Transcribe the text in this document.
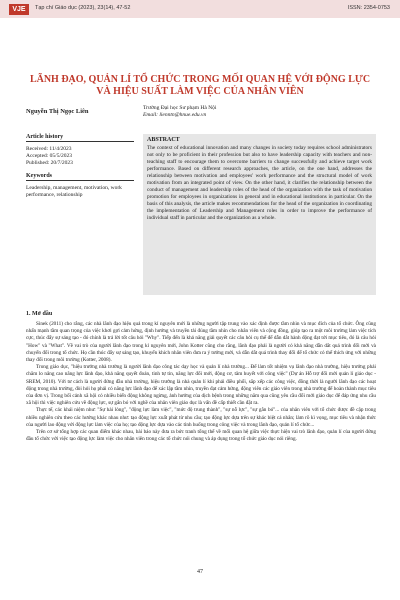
VJE	Tạp chí Giáo dục (2023), 23(14), 47-52	ISSN: 2354-0753
LÃNH ĐẠO, QUẢN LÍ TỔ CHỨC TRONG MỐI QUAN HỆ VỚI ĐỘNG LỰC
VÀ HIỆU SUẤT LÀM VIỆC CỦA NHÂN VIÊN
Nguyễn Thị Ngọc Liên	Trường Đại học Sư phạm Hà Nội
Email: lienntn@hnue.edu.vn
Article history
Received: 11/4/2023
Accepted: 05/5/2023
Published: 20/7/2023
Keywords
Leadership, management, motivation, work performance, relationship
ABSTRACT
The context of educational innovation and many changes in society today requires school administrators not only to be proficient in their profession but also to have leadership capacity with teachers and non-teaching staff to encourage them to overcome barriers to change successfully and achieve target work performance. Based on different research approaches, the article, on the one hand, addresses the relationship between motivation and employees' work performance and the structural model of work motivation from an integrated point of view. On the other hand, it clarifies the relationship between the conduct of management and leadership roles of the head of the organization with the task of motivation promotion for employees in organizations in general and in educational institutions in particular. On the basis of this analysis, the article makes recommendations for the head of the organization in coordinating the implementation of Leadership and Management roles in order to improve the performance of individual staff in particular and the organization as a whole.
1. Mở đầu

Sinek (2011) cho rằng, các nhà lãnh đạo hiệu quả trong kỉ nguyên mới là những người tập trung vào xác định được tầm nhìn và mục đích của tổ chức. Ông cũng nhấn mạnh tầm quan trọng của việc khơi gợi cảm hứng, định hướng và truyền tải đúng tầm nhìn cho nhân viên và cộng đồng, giúp tạo ra một môi trường làm việc tích cực, thúc đẩy sự sáng tạo - đó chính là trả lời tốt câu hỏi "Why". Tiếp đến là khả năng giải quyết các câu hỏi cụ thể để dẫn dắt hành động đạt tới mục tiêu, đó là câu hỏi "How" và "What". Về vai trò của người lãnh đạo trong kỉ nguyên mới, John Kotter cũng cho rằng, lãnh đạo phải là người có khả năng dẫn dắt quá trình đổi mới và chuyển đổi trong tổ chức. Họ cần thúc đẩy sự sáng tạo, khuyến khích nhân viên đưa ra ý tưởng mới, và dẫn dắt quá trình thay đổi để tổ chức có thể thích ứng với những thay đổi trong môi trường (Kotter, 2008).

Trong giáo dục, "hiệu trưởng nhà trường là người lãnh đạo công tác dạy học và quản lí nhà trường... Để làm tốt nhiệm vụ lãnh đạo nhà trường, hiệu trưởng phải chăm lo nâng cao năng lực lãnh đạo, khả năng quyết đoán, tinh tự tin, năng lực đổi mới, động cơ, tâm huyết với công việc" (Dự án Hỗ trợ đổi mới quản lí giáo dục - SREM, 2010). Với tư cách là người đứng đầu nhà trường, hiệu trưởng là nhà quản lí khi phải điều phối, sắp xếp các công việc, đồng thời là người lãnh đạo các hoạt động trong nhà trường, đòi hỏi họ phải có năng lực lãnh đạo để xác lập tầm nhìn, truyền đạt cảm hứng, động viên các giáo viên trong nhà trường để hoàn thành mục tiêu của đơn vị. Trong bối cảnh xã hội có nhiều biến động không ngừng, ảnh hưởng của dịch bệnh trong những năm qua cũng yêu cầu đổi mới giáo dục để đáp ứng nhu cầu xã hội thì việc nghiên cứu về động lực, sự gắn bó với nghề của nhân viên giáo dục là vấn đề cấp thiết cần đặt ra.

Thực tế, các khái niệm như: "Sự hài lòng", "động lực làm việc", "mức độ trung thành", "sự nỗ lực", "sự gắn bó"... của nhân viên với tổ chức được đề cập trong nhiều nghiên cứu theo các hướng khác nhau như: tạo động lực xuất phát từ nhu cầu; tạo động lực dựa trên sự khác biệt cá nhân; làm rõ kì vọng, mục tiêu và nhận thức của người lao động với động lực làm việc của họ; tạo động lực dựa vào các tình huống trong công việc và trong lãnh đạo, quản lí tổ chức...

Trên cơ sở tổng hợp các quan điểm khác nhau, bài báo này đưa ra bức tranh tổng thể về mối quan hệ giữa việc thực hiện vai trò lãnh đạo, quản lí của người đứng đầu tổ chức với việc tạo động lực làm việc cho nhân viên trong các tổ chức nói chung và áp dụng trong tổ chức giáo dục nói riêng.

47
